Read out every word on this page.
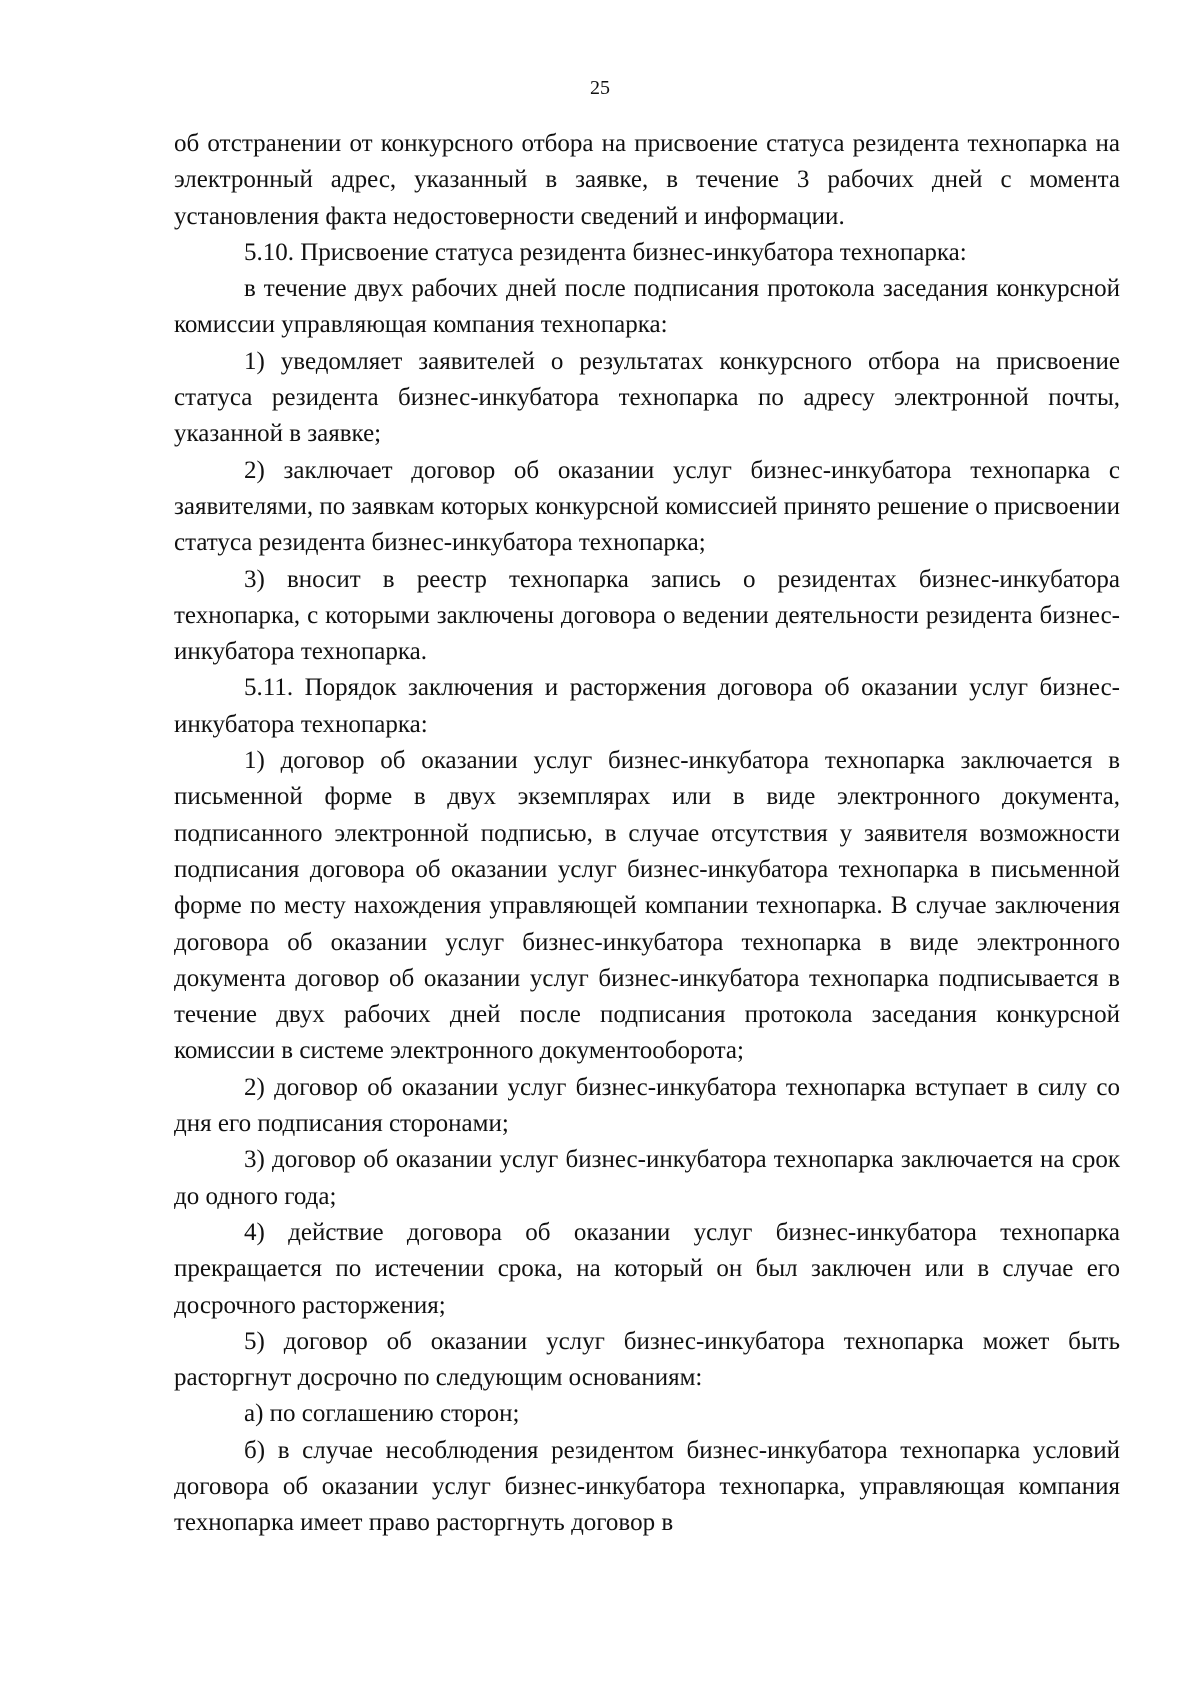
25

об отстранении от конкурсного отбора на присвоение статуса резидента технопарка на электронный адрес, указанный в заявке, в течение 3 рабочих дней с момента установления факта недостоверности сведений и информации.

5.10. Присвоение статуса резидента бизнес-инкубатора технопарка:

в течение двух рабочих дней после подписания протокола заседания конкурсной комиссии управляющая компания технопарка:

1) уведомляет заявителей о результатах конкурсного отбора на присвоение статуса резидента бизнес-инкубатора технопарка по адресу электронной почты, указанной в заявке;

2) заключает договор об оказании услуг бизнес-инкубатора технопарка с заявителями, по заявкам которых конкурсной комиссией принято решение о присвоении статуса резидента бизнес-инкубатора технопарка;

3) вносит в реестр технопарка запись о резидентах бизнес-инкубатора технопарка, с которыми заключены договора о ведении деятельности резидента бизнес-инкубатора технопарка.

5.11. Порядок заключения и расторжения договора об оказании услуг бизнес-инкубатора технопарка:

1) договор об оказании услуг бизнес-инкубатора технопарка заключается в письменной форме в двух экземплярах или в виде электронного документа, подписанного электронной подписью, в случае отсутствия у заявителя возможности подписания договора об оказании услуг бизнес-инкубатора технопарка в письменной форме по месту нахождения управляющей компании технопарка. В случае заключения договора об оказании услуг бизнес-инкубатора технопарка в виде электронного документа договор об оказании услуг бизнес-инкубатора технопарка подписывается в течение двух рабочих дней после подписания протокола заседания конкурсной комиссии в системе электронного документооборота;

2) договор об оказании услуг бизнес-инкубатора технопарка вступает в силу со дня его подписания сторонами;

3) договор об оказании услуг бизнес-инкубатора технопарка заключается на срок до одного года;

4) действие договора об оказании услуг бизнес-инкубатора технопарка прекращается по истечении срока, на который он был заключен или в случае его досрочного расторжения;

5) договор об оказании услуг бизнес-инкубатора технопарка может быть расторгнут досрочно по следующим основаниям:

а) по соглашению сторон;

б) в случае несоблюдения резидентом бизнес-инкубатора технопарка условий договора об оказании услуг бизнес-инкубатора технопарка, управляющая компания технопарка имеет право расторгнуть договор в
